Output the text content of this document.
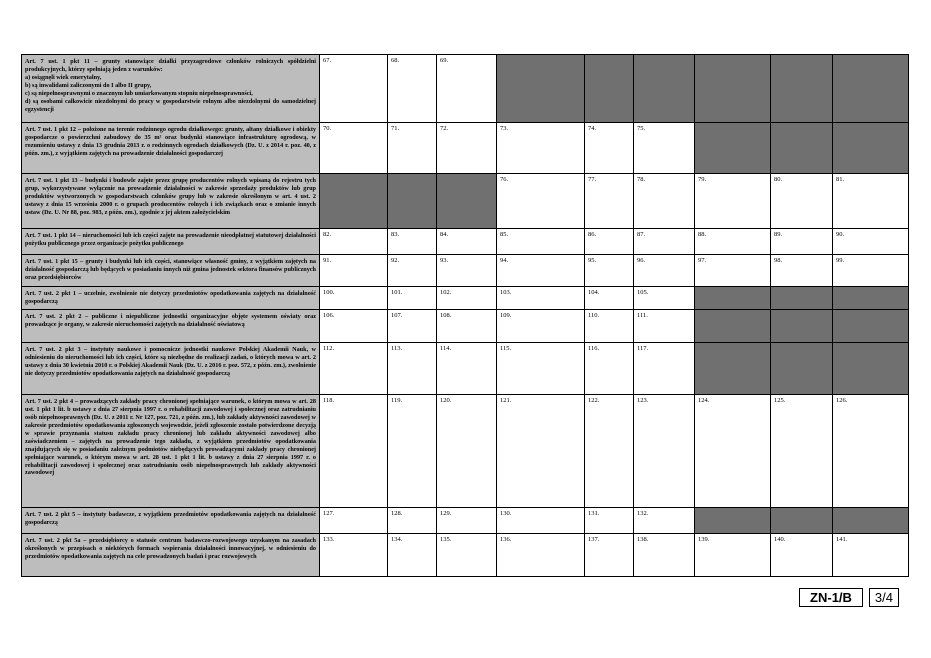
Art. 7 ust. 1 pkt 11 – grunty stanowiące działki przyzagrodowe członków rolniczych spółdzielni produkcyjnych, którzy spełniają jeden z warunków:
a) osiągnęli wiek emerytalny,
b) są inwalidami zaliczonymi do I albo II grupy,
c) są niepełnosprawnymi o znacznym lub umiarkowanym stopniu niepełnosprawności,
d) są osobami całkowicie niezdolnymi do pracy w gospodarstwie rolnym albo niezdolnymi do samodzielnej egzystencji	67.	68.	69.						

Art. 7 ust. 1 pkt 12 – położone na terenie rodzinnego ogrodu działkowego: grunty, altany działkowe i obiekty gospodarcze o powierzchni zabudowy do 35 m² oraz budynki stanowiące infrastrukturę ogrodową, w rozumieniu ustawy z dnia 13 grudnia 2013 r. o rodzinnych ogrodach działkowych (Dz. U. z 2014 r. poz. 40, z późn. zm.), z wyjątkiem zajętych na prowadzenie działalności gospodarczej	70.	71.	72.	73.	74.	75.			

Art. 7 ust. 1 pkt 13 – budynki i budowle zajęte przez grupę producentów rolnych wpisaną do rejestru tych grup, wykorzystywane wyłącznie na prowadzenie działalności w zakresie sprzedaży produktów lub grup produktów wytworzonych w gospodarstwach członków grupy lub w zakresie określonym w art. 4 ust. 2 ustawy z dnia 15 września 2000 r. o grupach producentów rolnych i ich związkach oraz o zmianie innych ustaw (Dz. U. Nr 88, poz. 983, z późn. zm.), zgodnie z jej aktem założycielskim				76.	77.	78.	79.	80.	81.

Art. 7 ust. 1 pkt 14 – nieruchomości lub ich części zajęte na prowadzenie nieodpłatnej statutowej działalności pożytku publicznego przez organizacje pożytku publicznego	82.	83.	84.	85.	86.	87.	88.	89.	90.

Art. 7 ust. 1 pkt 15 – grunty i budynki lub ich części, stanowiące własność gminy, z wyjątkiem zajętych na działalność gospodarczą lub będących w posiadaniu innych niż gmina jednostek sektora finansów publicznych oraz przedsiębiorców	91.	92.	93.	94.	95.	96.	97.	98.	99.

Art. 7 ust. 2 pkt 1 – uczelnie, zwolnienie nie dotyczy przedmiotów opodatkowania zajętych na działalność gospodarczą	100.	101.	102.	103.	104.	105.			

Art. 7 ust. 2 pkt 2 – publiczne i niepubliczne jednostki organizacyjne objęte systemem oświaty oraz prowadzące je organy, w zakresie nieruchomości zajętych na działalność oświatową	106.	107.	108.	109.	110.	111.			

Art. 7 ust. 2 pkt 3 – instytuty naukowe i pomocnicze jednostki naukowe Polskiej Akademii Nauk, w odniesieniu do nieruchomości lub ich części, które są niezbędne do realizacji zadań, o których mowa w art. 2 ustawy z dnia 30 kwietnia 2010 r. o Polskiej Akademii Nauk (Dz. U. z 2016 r. poz. 572, z późn. zm.), zwolnienie nie dotyczy przedmiotów opodatkowania zajętych na działalność gospodarczą	112.	113.	114.	115.	116.	117.			

Art. 7 ust. 2 pkt 4 – prowadzących zakłady pracy chronionej spełniające warunek, o którym mowa w art. 28 ust. 1 pkt 1 lit. b ustawy z dnia 27 sierpnia 1997 r. o rehabilitacji zawodowej i społecznej oraz zatrudnianiu osób niepełnosprawnych (Dz. U. z 2011 r. Nr 127, poz. 721, z późn. zm.), lub zakłady aktywności zawodowej w zakresie przedmiotów opodatkowania zgłoszonych wojewodzie, jeżeli zgłoszenie zostało potwierdzone decyzją w sprawie przyznania statusu zakładu pracy chronionej lub zakładu aktywności zawodowej albo zaświadczeniem – zajętych na prowadzenie tego zakładu, z wyjątkiem przedmiotów opodatkowania znajdujących się w posiadaniu zależnym podmiotów niebędących prowadzącymi zakłady pracy chronionej spełniające warunek, o którym mowa w art. 28 ust. 1 pkt 1 lit. b ustawy z dnia 27 sierpnia 1997 r. o rehabilitacji zawodowej i społecznej oraz zatrudnianiu osób niepełnosprawnych lub zakłady aktywności zawodowej	118.	119.	120.	121.	122.	123.	124.	125.	126.

Art. 7 ust. 2 pkt 5 – instytuty badawcze, z wyjątkiem przedmiotów opodatkowania zajętych na działalność gospodarczą	127.	128.	129.	130.	131.	132.			

Art. 7 ust. 2 pkt 5a – przedsiębiorcy o statusie centrum badawczo-rozwojowego uzyskanym na zasadach określonych w przepisach o niektórych formach wspierania działalności innowacyjnej, w odniesieniu do przedmiotów opodatkowania zajętych na cele prowadzonych badań i prac rozwojowych	133.	134.	135.	136.	137.	138.	139.	140.	141.
ZN-1/B	3/4
